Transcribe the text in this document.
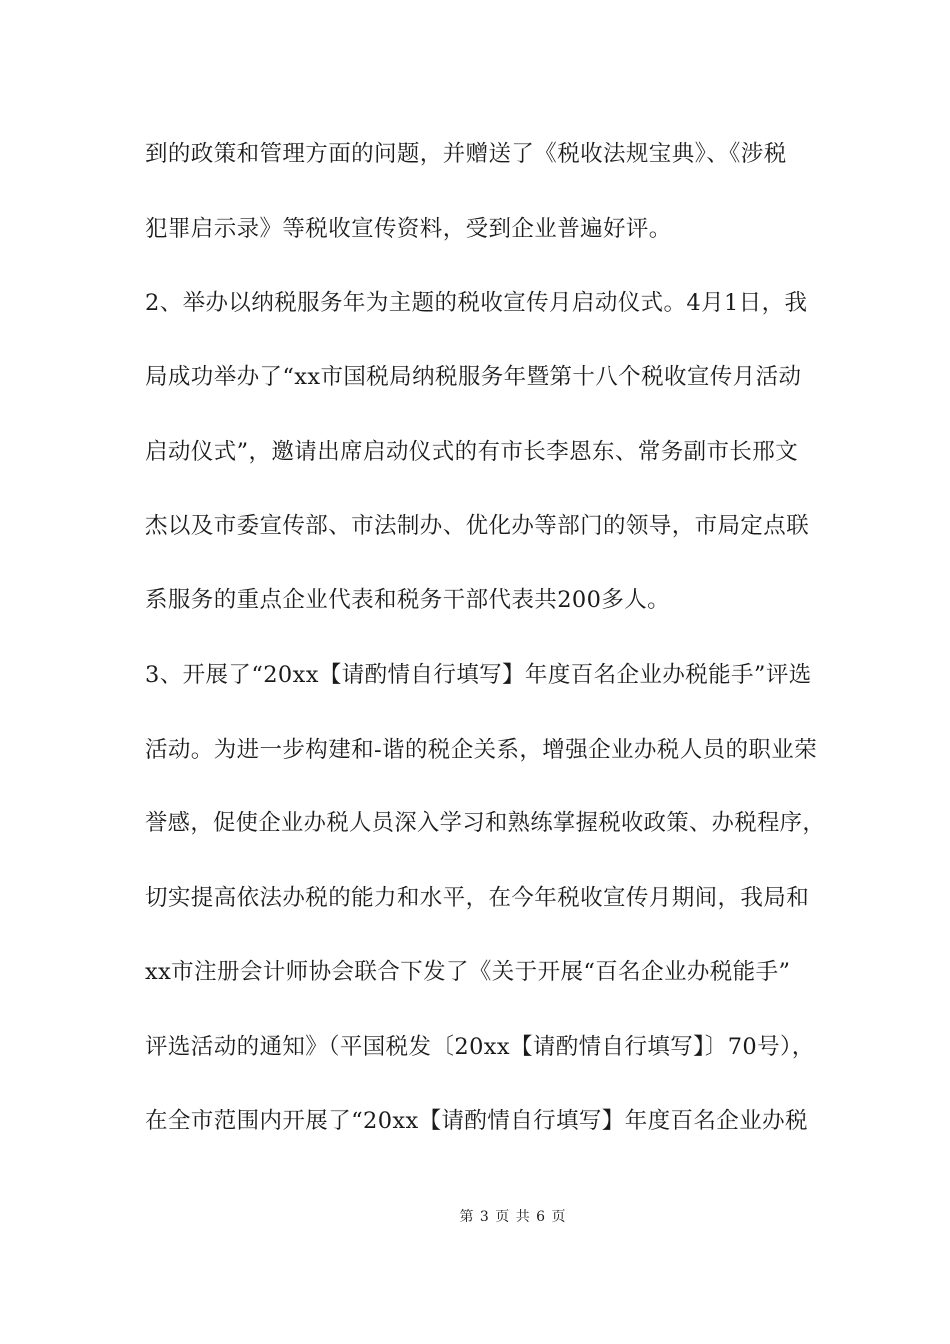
到的政策和管理方面的问题，并赠送了《税收法规宝典》、《涉税
犯罪启示录》等税收宣传资料，受到企业普遍好评。
2、举办以纳税服务年为主题的税收宣传月启动仪式。4月1日，我
局成功举办了“xx市国税局纳税服务年暨第十八个税收宣传月活动
启动仪式”，邀请出席启动仪式的有市长李恩东、常务副市长邢文
杰以及市委宣传部、市法制办、优化办等部门的领导，市局定点联
系服务的重点企业代表和税务干部代表共200多人。
3、开展了“20xx【请酌情自行填写】年度百名企业办税能手”评选
活动。为进一步构建和-谐的税企关系，增强企业办税人员的职业荣
誉感，促使企业办税人员深入学习和熟练掌握税收政策、办税程序，
切实提高依法办税的能力和水平，在今年税收宣传月期间，我局和
xx市注册会计师协会联合下发了《关于开展“百名企业办税能手”
评选活动的通知》（平国税发〔20xx【请酌情自行填写】〕70号），
在全市范围内开展了“20xx【请酌情自行填写】年度百名企业办税
第 3 页 共 6 页
